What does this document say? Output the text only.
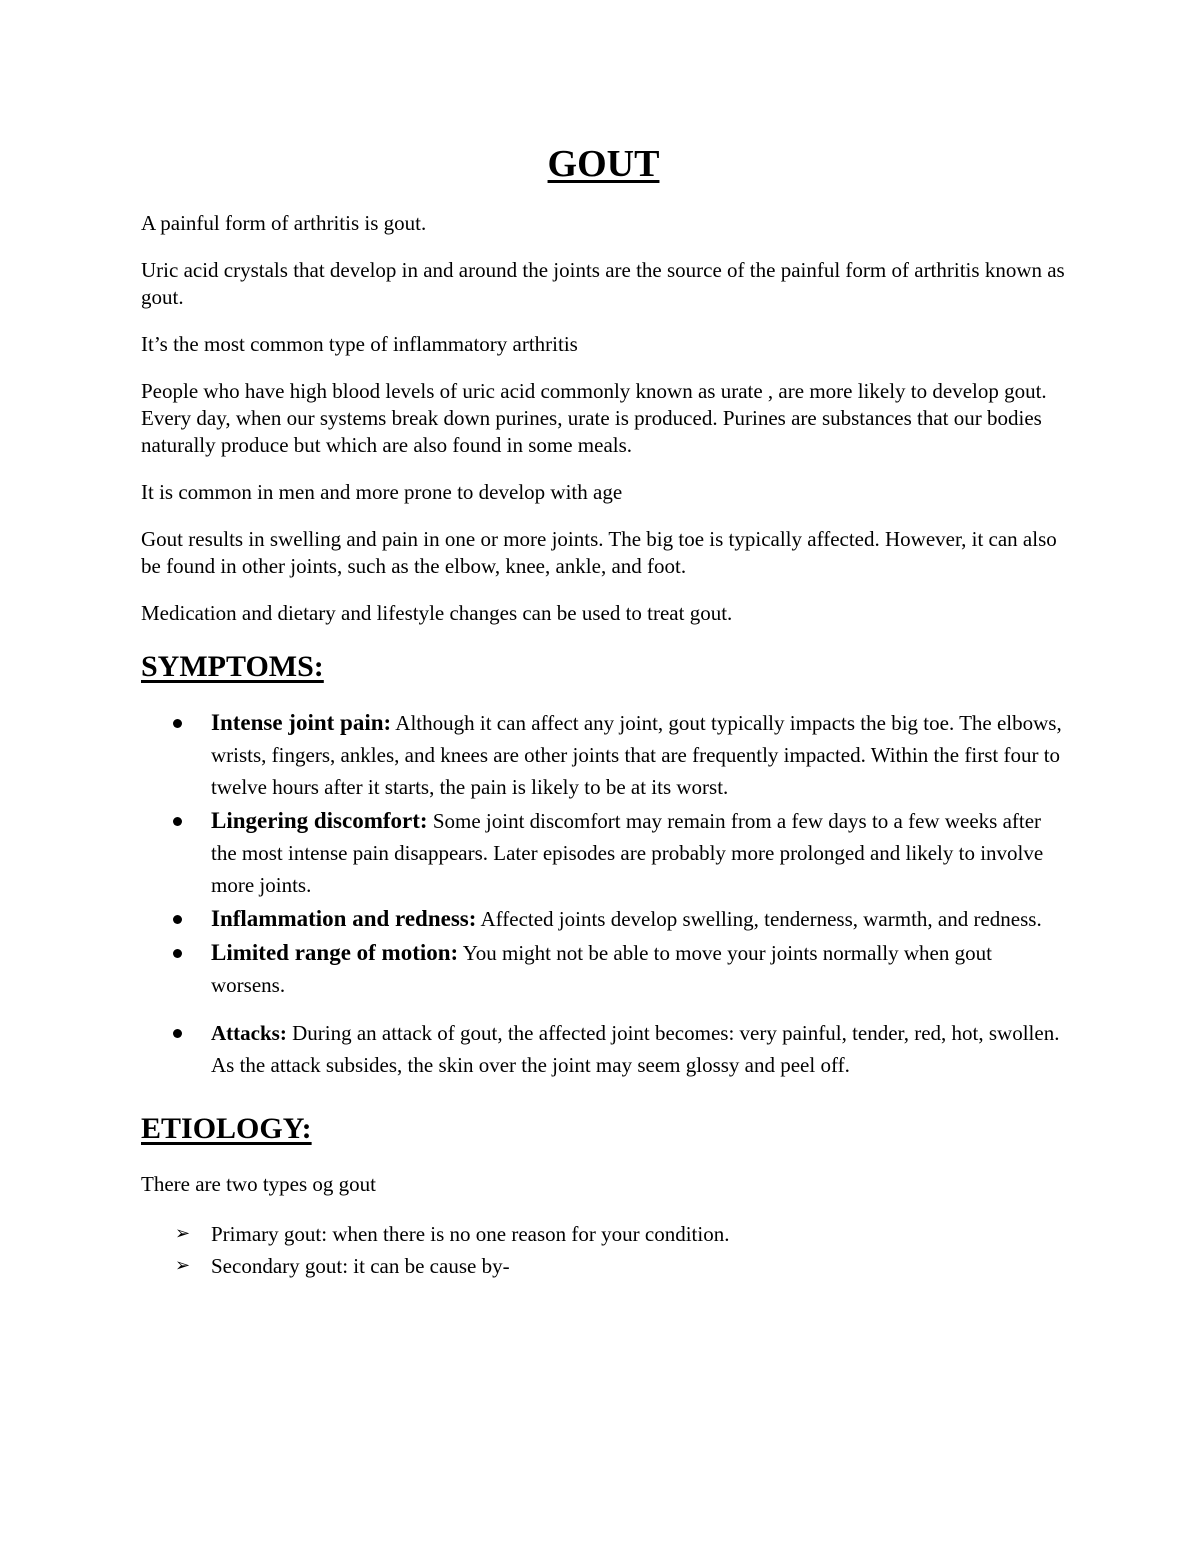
GOUT

A painful form of arthritis is gout.

Uric acid crystals that develop in and around the joints are the source of the painful form of arthritis known as gout.

It’s the most common type of inflammatory arthritis

People who have high blood levels of uric acid commonly known as urate , are more likely to develop gout. Every day, when our systems break down purines, urate is produced. Purines are substances that our bodies naturally produce but which are also found in some meals.

It is common in men and more prone to develop with age

Gout results in swelling and pain in one or more joints. The big toe is typically affected. However, it can also be found in other joints, such as the elbow, knee, ankle, and foot.

Medication and dietary and lifestyle changes can be used to treat gout.

SYMPTOMS:
Intense joint pain: Although it can affect any joint, gout typically impacts the big toe. The elbows, wrists, fingers, ankles, and knees are other joints that are frequently impacted. Within the first four to twelve hours after it starts, the pain is likely to be at its worst.
Lingering discomfort: Some joint discomfort may remain from a few days to a few weeks after the most intense pain disappears. Later episodes are probably more prolonged and likely to involve more joints.
Inflammation and redness: Affected joints develop swelling, tenderness, warmth, and redness.
Limited range of motion: You might not be able to move your joints normally when gout worsens.
Attacks: During an attack of gout, the affected joint becomes: very painful, tender, red, hot, swollen.
As the attack subsides, the skin over the joint may seem glossy and peel off.
ETIOLOGY:

There are two types og gout

➢ Primary gout: when there is no one reason for your condition.
➢ Secondary gout: it can be cause by-
